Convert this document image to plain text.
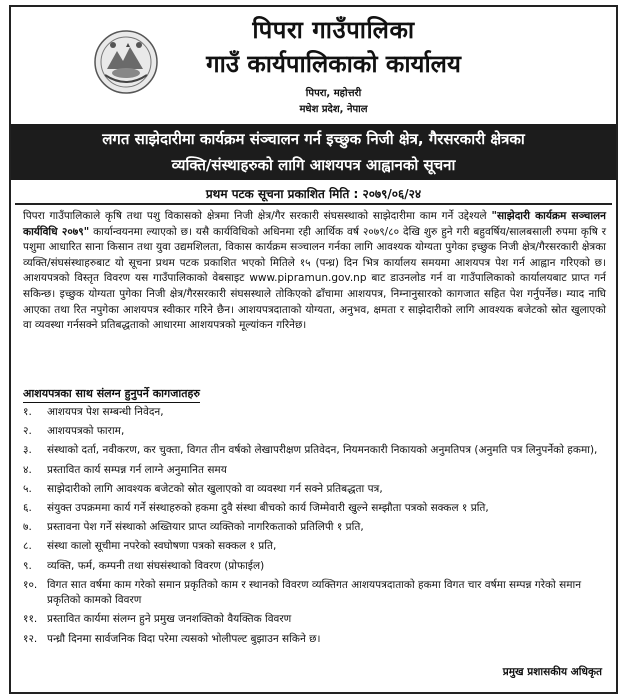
पिपरा गाउँपालिका
गाउँ कार्यपालिकाको कार्यालय
पिपरा, महोत्तरी
मधेश प्रदेश, नेपाल
लगत साझेदारीमा कार्यक्रम संञ्चालन गर्न इच्छुक निजी क्षेत्र, गैरसरकारी क्षेत्रका
व्यक्ति/संस्थाहरुको लागि आशयपत्र आह्वानको सूचना
प्रथम पटक सूचना प्रकाशित मिति : २०७९/०६/२४
पिपरा गाउँपालिकाले कृषि तथा पशु विकासको क्षेत्रमा निजी क्षेत्र/गैर सरकारी संघसस्थाको साझेदारीमा काम गर्ने उद्देश्यले "साझेदारी कार्यक्रम सञ्चालन कार्यविधि २०७९" कार्यान्वयनमा ल्याएको छ। यसै कार्यविधिको अधिनमा रही आर्थिक वर्ष २०७९/८० देखि शुरु हुने गरी बहुवर्षिय/सालबसाली रुपमा कृषि र पशुमा आधारित साना किसान तथा युवा उद्यमशिलता, विकास कार्यक्रम सञ्चालन गर्नका लागि आवश्यक योग्यता पुगेका इच्छुक निजी क्षेत्र/गैरसरकारी क्षेत्रका व्यक्ति/संघसंस्थाहरुबाट यो सूचना प्रथम पटक प्रकाशित भएको मितिले १५ (पन्ध्र) दिन भित्र कार्यालय समयमा आशयपत्र पेश गर्न आह्वान गरिएको छ। आशयपत्रको विस्तृत विवरण यस गाउँपालिकाको वेबसाइट www.pipramun.gov.np बाट डाउनलोड गर्न वा गाउँपालिकाको कार्यालयबाट प्राप्त गर्न सकिन्छ। इच्छुक योग्यता पुगेका निजी क्षेत्र/गैरसरकारी संघसस्थाले तोकिएको ढाँचामा आशयपत्र, निम्नानुसारको कागजात सहित पेश गर्नुपर्नेछ। म्याद नाघि आएका तथा रित नपुगेका आशयपत्र स्वीकार गरिने छैन। आशयपत्रदाताको योग्यता, अनुभव, क्षमता र साझेदारीको लागि आवश्यक बजेटको स्रोत खुलाएको वा व्यवस्था गर्नसक्ने प्रतिबद्धताको आधारमा आशयपत्रको मूल्यांकन गरिनेछ।
आशयपत्रका साथ संलग्न हुनुपर्ने कागजातहरु
१. आशयपत्र पेश सम्बन्धी निवेदन,
२. आशयपत्रको फाराम,
३. संस्थाको दर्ता, नवीकरण, कर चुक्ता, विगत तीन वर्षको लेखापरीक्षण प्रतिवेदन, नियमनकारी निकायको अनुमतिपत्र (अनुमति पत्र लिनुपर्नेको हकमा),
४. प्रस्तावित कार्य सम्पन्न गर्न लाग्ने अनुमानित समय
५. साझेदारीको लागि आवश्यक बजेटको स्रोत खुलाएको वा व्यवस्था गर्न सक्ने प्रतिबद्धता पत्र,
६. संयुक्त उपक्रममा कार्य गर्ने संस्थाहरुको हकमा दुवै संस्था बीचको कार्य जिम्मेवारी खुल्ने सम्झौता पत्रको सक्कल १ प्रति,
७. प्रस्तावना पेश गर्ने संस्थाको अख्तियार प्राप्त व्यक्तिको नागरिकताको प्रतिलिपी १ प्रति,
८. संस्था कालो सूचीमा नपरेको स्वघोषणा पत्रको सक्कल १ प्रति,
९. व्यक्ति, फर्म, कम्पनी तथा संघसंस्थाको विवरण (प्रोफाईल)
१०. विगत सात वर्षमा काम गरेको समान प्रकृतिको काम र स्थानको विवरण व्यक्तिगत आशयपत्रदाताको हकमा विगत चार वर्षमा सम्पन्न गरेको समान प्रकृतिको कामको विवरण
११. प्रस्तावित कार्यमा संलग्न हुने प्रमुख जनशक्तिको वैयक्तिक विवरण
१२. पन्ध्रौ दिनमा सार्वजनिक विदा परेमा त्यसको भोलीपल्ट बुझाउन सकिने छ।
प्रमुख प्रशासकीय अधिकृत
